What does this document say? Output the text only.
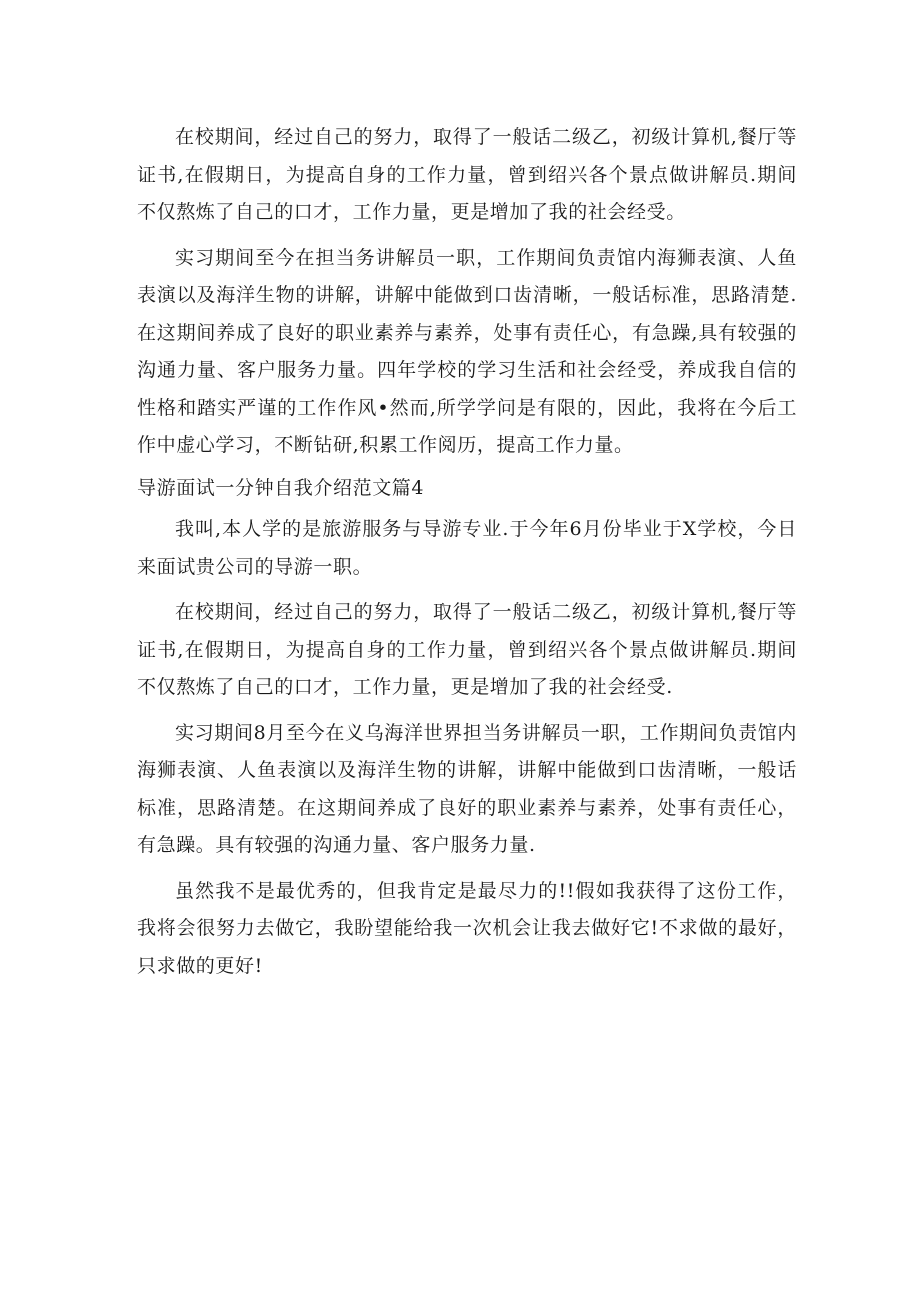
在校期间，经过自己的努力，取得了一般话二级乙，初级计算机,餐厅等证书,在假期日，为提高自身的工作力量，曾到绍兴各个景点做讲解员.期间不仅熬炼了自己的口才，工作力量，更是增加了我的社会经受。

实习期间至今在担当务讲解员一职，工作期间负责馆内海狮表演、人鱼表演以及海洋生物的讲解，讲解中能做到口齿清晰，一般话标准，思路清楚.在这期间养成了良好的职业素养与素养，处事有责任心，有急躁,具有较强的沟通力量、客户服务力量。四年学校的学习生活和社会经受，养成我自信的性格和踏实严谨的工作作风•然而,所学学问是有限的，因此，我将在今后工作中虚心学习，不断钻研,积累工作阅历，提高工作力量。

导游面试一分钟自我介绍范文篇4

我叫,本人学的是旅游服务与导游专业.于今年6月份毕业于X学校，今日来面试贵公司的导游一职。

在校期间，经过自己的努力，取得了一般话二级乙，初级计算机,餐厅等证书,在假期日，为提高自身的工作力量，曾到绍兴各个景点做讲解员.期间不仅熬炼了自己的口才，工作力量，更是增加了我的社会经受.

实习期间8月至今在义乌海洋世界担当务讲解员一职，工作期间负责馆内海狮表演、人鱼表演以及海洋生物的讲解，讲解中能做到口齿清晰，一般话标准，思路清楚。在这期间养成了良好的职业素养与素养，处事有责任心，有急躁。具有较强的沟通力量、客户服务力量.

虽然我不是最优秀的，但我肯定是最尽力的!!假如我获得了这份工作，我将会很努力去做它，我盼望能给我一次机会让我去做好它!不求做的最好，只求做的更好!
